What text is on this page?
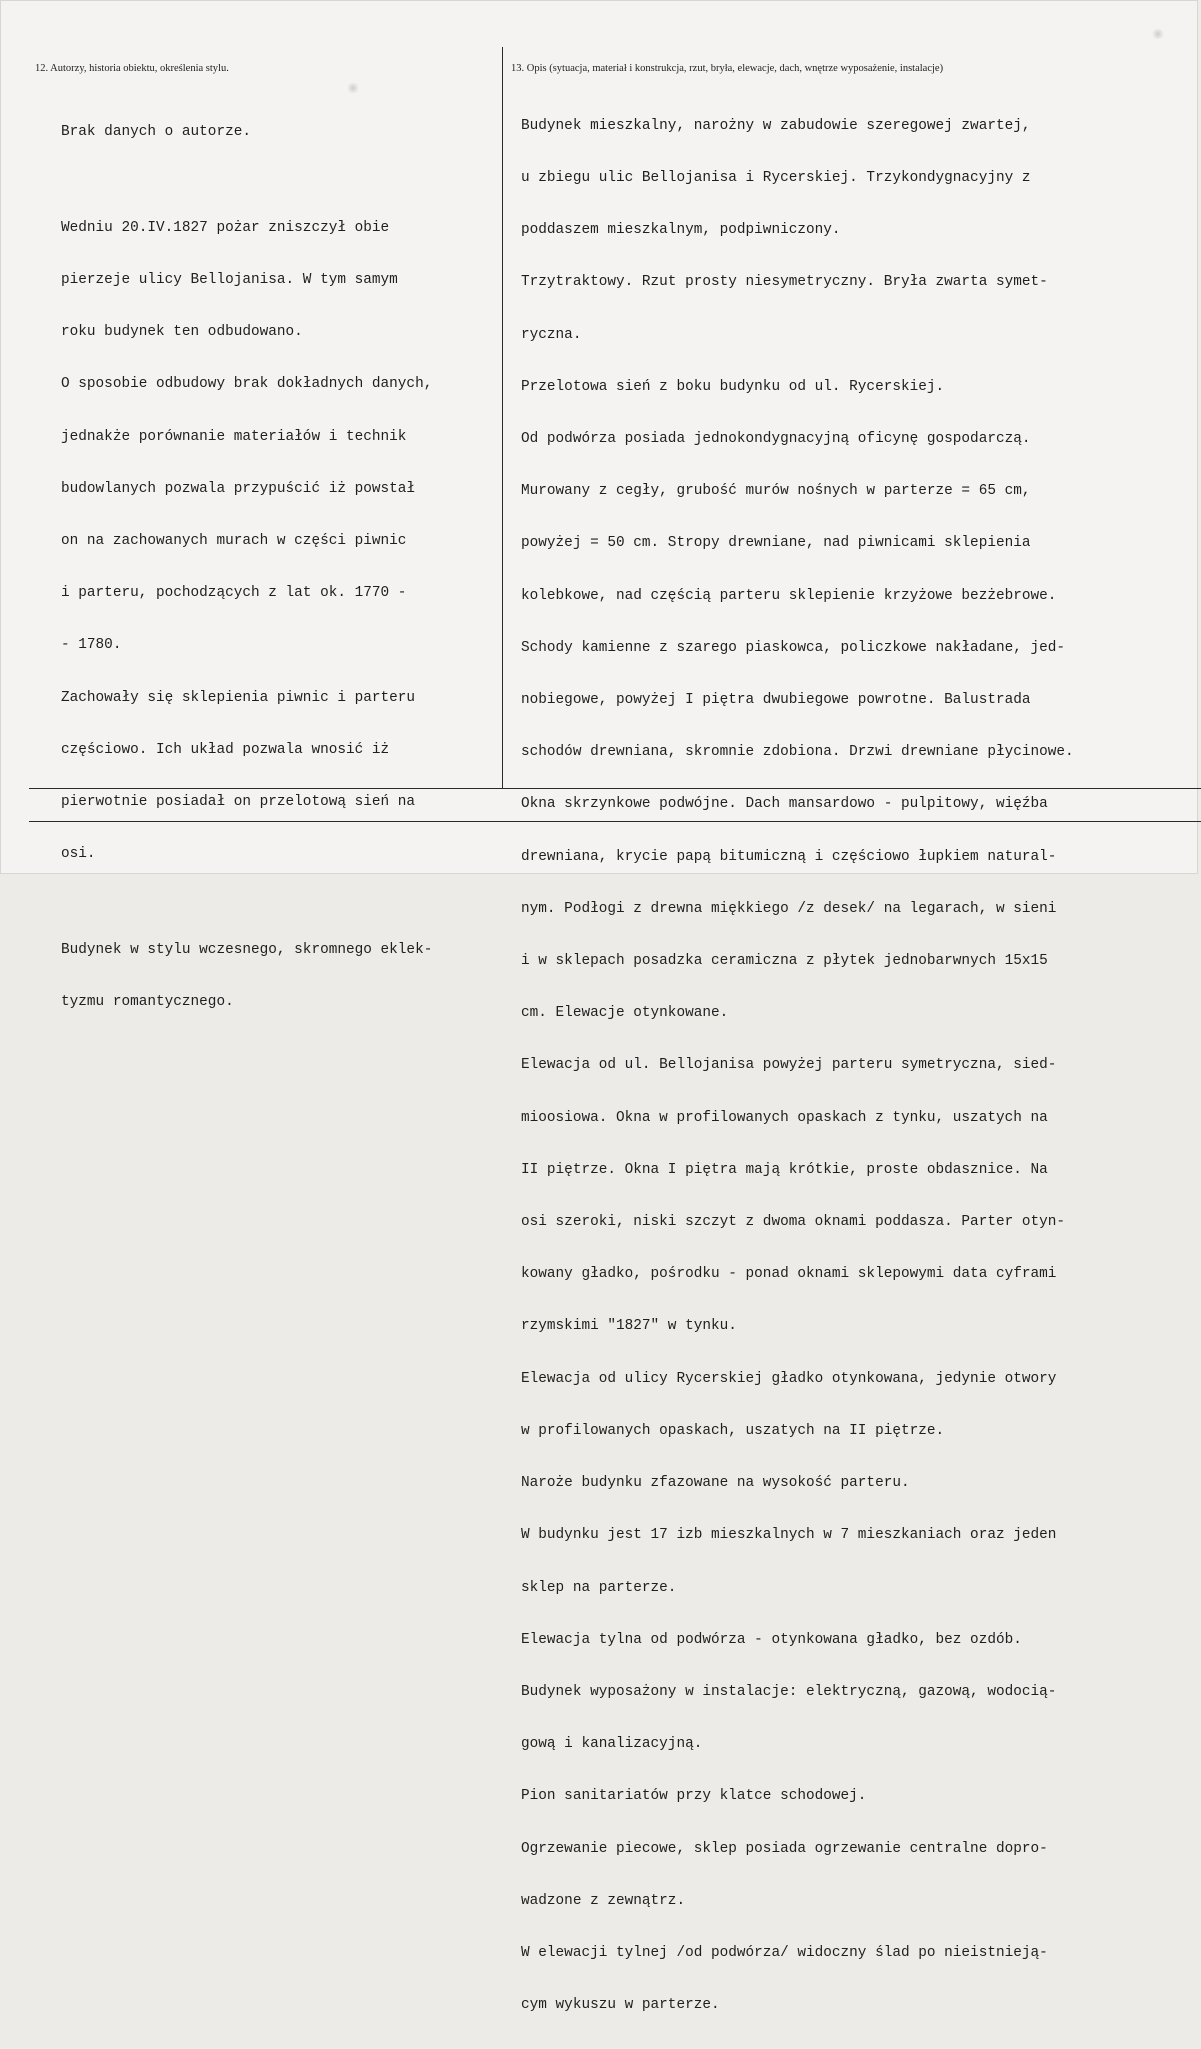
12. Autorzy, historia obiektu, określenia stylu.	13. Opis (sytuacja, materiał i konstrukcja, rzut, bryła, elewacje, dach, wnętrze wyposażenie, instalacje)

Brak danych o autorze.

Wedniu 20.IV.1827 pożar zniszczył obie

pierzeje ulicy Bellojanisa. W tym samym

roku budynek ten odbudowano.

O sposobie odbudowy brak dokładnych danych,

jednakże porównanie materiałów i technik

budowlanych pozwala przypuścić iż powstał

on na zachowanych murach w części piwnic

i parteru, pochodzących z lat ok. 1770 -

- 1780.

Zachowały się sklepienia piwnic i parteru

częściowo. Ich układ pozwala wnosić iż

pierwotnie posiadał on przelotową sień na

osi.

Budynek w stylu wczesnego, skromnego eklek-

tyzmu romantycznego.

Budynek mieszkalny, narożny w zabudowie szeregowej zwartej,

u zbiegu ulic Bellojanisa i Rycerskiej. Trzykondygnacyjny z

poddaszem mieszkalnym, podpiwniczony.

Trzytraktowy. Rzut prosty niesymetryczny. Bryła zwarta symet-

ryczna.

Przelotowa sień z boku budynku od ul. Rycerskiej.

Od podwórza posiada jednokondygnacyjną oficynę gospodarczą.

Murowany z cegły, grubość murów nośnych w parterze = 65 cm,

powyżej = 50 cm. Stropy drewniane, nad piwnicami sklepienia

kolebkowe, nad częścią parteru sklepienie krzyżowe bezżebrowe.

Schody kamienne z szarego piaskowca, policzkowe nakładane, jed-

nobiegowe, powyżej I piętra dwubiegowe powrotne. Balustrada

schodów drewniana, skromnie zdobiona. Drzwi drewniane płycinowe.

Okna skrzynkowe podwójne. Dach mansardowo - pulpitowy, więźba

drewniana, krycie papą bitumiczną i częściowo łupkiem natural-

nym. Podłogi z drewna miękkiego /z desek/ na legarach, w sieni

i w sklepach posadzka ceramiczna z płytek jednobarwnych 15x15

cm. Elewacje otynkowane.

Elewacja od ul. Bellojanisa powyżej parteru symetryczna, sied-

mioosiowa. Okna w profilowanych opaskach z tynku, uszatych na

II piętrze. Okna I piętra mają krótkie, proste obdasznice. Na

osi szeroki, niski szczyt z dwoma oknami poddasza. Parter otyn-

kowany gładko, pośrodku - ponad oknami sklepowymi data cyframi

rzymskimi "1827" w tynku.

Elewacja od ulicy Rycerskiej gładko otynkowana, jedynie otwory

w profilowanych opaskach, uszatych na II piętrze.

Naroże budynku zfazowane na wysokość parteru.

W budynku jest 17 izb mieszkalnych w 7 mieszkaniach oraz jeden

sklep na parterze.

Elewacja tylna od podwórza - otynkowana gładko, bez ozdób.

Budynek wyposażony w instalacje: elektryczną, gazową, wodocią-

gową i kanalizacyjną.

Pion sanitariatów przy klatce schodowej.

Ogrzewanie piecowe, sklep posiada ogrzewanie centralne dopro-

wadzone z zewnątrz.

W elewacji tylnej /od podwórza/ widoczny ślad po nieistnieją-

cym wykuszu w parterze.
